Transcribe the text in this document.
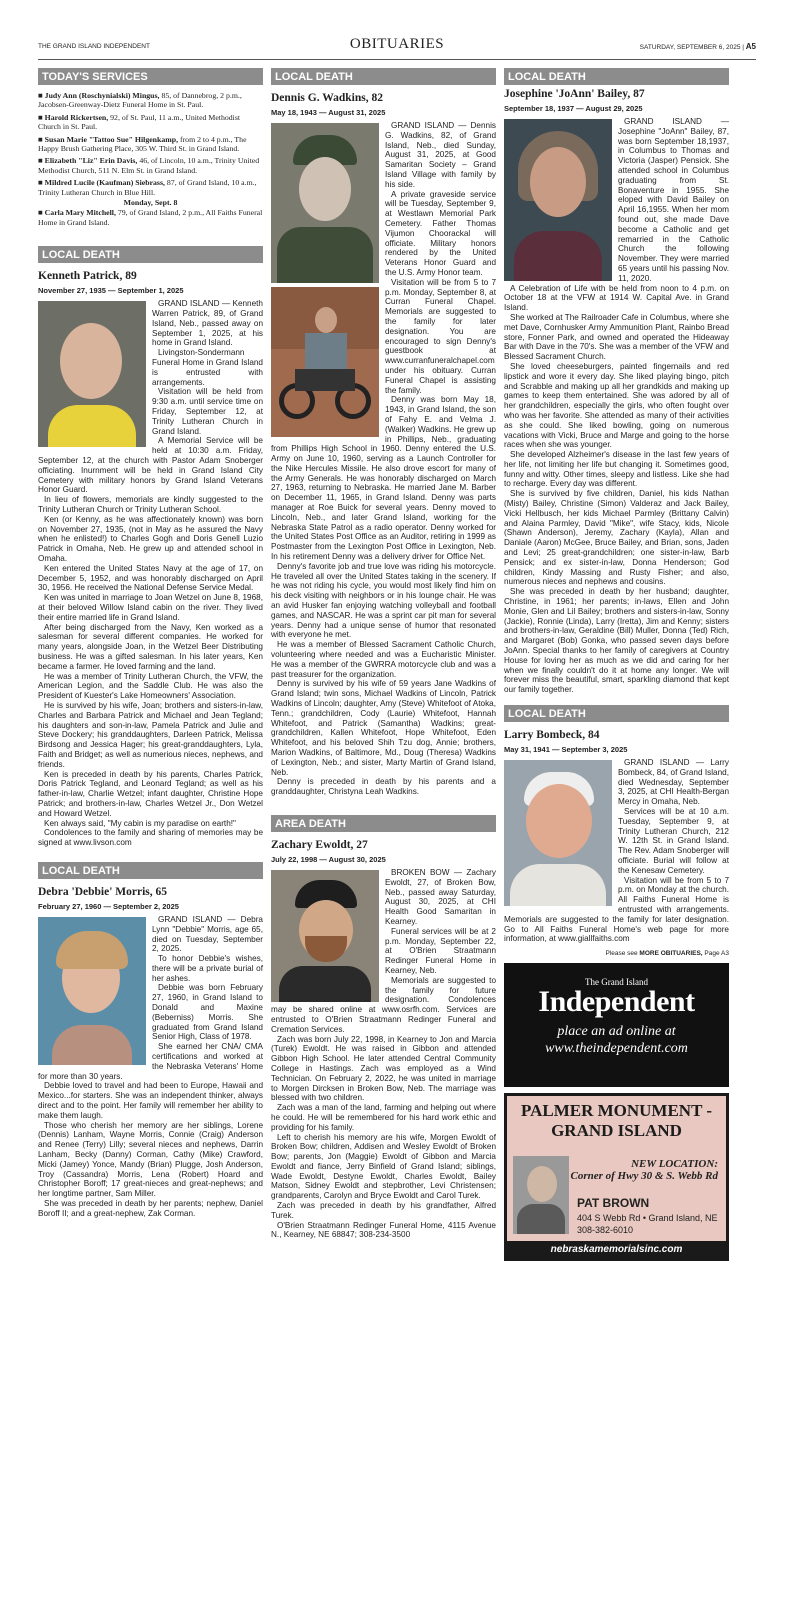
THE GRAND ISLAND INDEPENDENT	OBITUARIES	SATURDAY, SEPTEMBER 6, 2025 | A5
TODAY'S SERVICES

■ Judy Ann (Roschynialski) Mingus, 85, of Dannebrog, 2 p.m., Jacobsen-Greenway-Dietz Funeral Home in St. Paul.

■ Harold Rickertsen, 92, of St. Paul, 11 a.m., United Methodist Church in St. Paul.

■ Susan Marie "Tattoo Sue" Hilgenkamp, from 2 to 4 p.m., The Happy Brush Gathering Place, 305 W. Third St. in Grand Island.

■ Elizabeth "Liz" Erin Davis, 46, of Lincoln, 10 a.m., Trinity United Methodist Church, 511 N. Elm St. in Grand Island.

■ Mildred Lucile (Kaufman) Siebrass, 87, of Grand Island, 10 a.m., Trinity Lutheran Church in Blue Hill.

Monday, Sept. 8

■ Carla Mary Mitchell, 79, of Grand Island, 2 p.m., All Faiths Funeral Home in Grand Island.

LOCAL DEATH
Kenneth Patrick, 89
November 27, 1935 — September 1, 2025

GRAND ISLAND — Kenneth Warren Patrick, 89, of Grand Island, Neb., passed away on September 1, 2025, at his home in Grand Island.

Livingston-Sondermann Funeral Home in Grand Island is entrusted with arrangements.

Visitation will be held from 9:30 a.m. until service time on Friday, September 12, at Trinity Lutheran Church in Grand Island.

A Memorial Service will be held at 10:30 a.m. Friday, September 12, at the church with Pastor Adam Snoberger officiating. Inurnment will be held in Grand Island City Cemetery with military honors by Grand Island Veterans Honor Guard.

In lieu of flowers, memorials are kindly suggested to the Trinity Lutheran Church or Trinity Lutheran School.

Ken (or Kenny, as he was affectionately known) was born on November 27, 1935, (not in May as he assured the Navy when he enlisted!) to Charles Gogh and Doris Genell Luzio Patrick in Omaha, Neb. He grew up and attended school in Omaha.

Ken entered the United States Navy at the age of 17, on December 5, 1952, and was honorably discharged on April 30, 1956. He received the National Defense Service Medal.

Ken was united in marriage to Joan Wetzel on June 8, 1968, at their beloved Willow Island cabin on the river. They lived their entire married life in Grand Island.

After being discharged from the Navy, Ken worked as a salesman for several different companies. He worked for many years, alongside Joan, in the Wetzel Beer Distributing business. He was a gifted salesman. In his later years, Ken became a farmer. He loved farming and the land.

He was a member of Trinity Lutheran Church, the VFW, the American Legion, and the Saddle Club. He was also the President of Kuester's Lake Homeowners' Association.

He is survived by his wife, Joan; brothers and sisters-in-law, Charles and Barbara Patrick and Michael and Jean Tegland; his daughters and son-in-law, Pamela Patrick and Julie and Steve Dockery; his granddaughters, Darleen Patrick, Melissa Birdsong and Jessica Hager; his great-granddaughters, Lyla, Faith and Bridget; as well as numerious nieces, nephews, and friends.

Ken is preceded in death by his parents, Charles Patrick, Doris Patrick Tegland, and Leonard Tegland; as well as his father-in-law, Charlie Wetzel; infant daughter, Christine Hope Patrick; and brothers-in-law, Charles Wetzel Jr., Don Wetzel and Howard Wetzel.

Ken always said, "My cabin is my paradise on earth!"

Condolences to the family and sharing of memories may be signed at www.livson.com

LOCAL DEATH
Debra 'Debbie' Morris, 65
February 27, 1960 — September 2, 2025

GRAND ISLAND — Debra Lynn "Debbie" Morris, age 65, died on Tuesday, September 2, 2025.

To honor Debbie's wishes, there will be a private burial of her ashes.

Debbie was born February 27, 1960, in Grand Island to Donald and Maxine (Beberniss) Morris. She graduated from Grand Island Senior High, Class of 1978.

She earned her CNA/ CMA certifications and worked at the Nebraska Veterans' Home for more than 30 years.

Debbie loved to travel and had been to Europe, Hawaii and Mexico...for starters. She was an independent thinker, always direct and to the point. Her family will remember her ability to make them laugh.

Those who cherish her memory are her siblings, Lorene (Dennis) Lanham, Wayne Morris, Connie (Craig) Anderson and Renee (Terry) Lilly; several nieces and nephews, Darrin Lanham, Becky (Danny) Corman, Cathy (Mike) Crawford, Micki (Jamey) Yonce, Mandy (Brian) Plugge, Josh Anderson, Troy (Cassandra) Morris, Lena (Robert) Hoard and Christopher Boroff; 17 great-nieces and great-nephews; and her longtime partner, Sam Miller.

She was preceded in death by her parents; nephew, Daniel Boroff II; and a great-nephew, Zak Corman.

LOCAL DEATH
Dennis G. Wadkins, 82
May 18, 1943 — August 31, 2025

GRAND ISLAND — Dennis G. Wadkins, 82, of Grand Island, Neb., died Sunday, August 31, 2025, at Good Samaritan Society – Grand Island Village with family by his side.

A private graveside service will be Tuesday, September 9, at Westlawn Memorial Park Cemetery. Father Thomas Vijumon Choorackal will officiate. Military honors rendered by the United Veterans Honor Guard and the U.S. Army Honor team.

Visitation will be from 5 to 7 p.m. Monday, September 8, at Curran Funeral Chapel. Memorials are suggested to the family for later designation. You are encouraged to sign Denny's guestbook at www.curranfuneralchapel.com under his obituary. Curran Funeral Chapel is assisting the family.

Denny was born May 18, 1943, in Grand Island, the son of Fahy E. and Velma J. (Walker) Wadkins. He grew up in Phillips, Neb., graduating from Phillips High School in 1960. Denny entered the U.S. Army on June 10, 1960, serving as a Launch Controller for the Nike Hercules Missile. He also drove escort for many of the Army Generals. He was honorably discharged on March 27, 1963, returning to Nebraska. He married Jane M. Barber on December 11, 1965, in Grand Island. Denny was parts manager at Roe Buick for several years. Denny moved to Lincoln, Neb., and later Grand Island, working for the Nebraska State Patrol as a radio operator. Denny worked for the United States Post Office as an Auditor, retiring in 1999 as Postmaster from the Lexington Post Office in Lexington, Neb. In his retirement Denny was a delivery driver for Office Net.

Denny's favorite job and true love was riding his motorcycle. He traveled all over the United States taking in the scenery. If he was not riding his cycle, you would most likely find him on his deck visiting with neighbors or in his lounge chair. He was an avid Husker fan enjoying watching volleyball and football games, and NASCAR. He was a sprint car pit man for several years. Denny had a unique sense of humor that resonated with everyone he met.

He was a member of Blessed Sacrament Catholic Church, volunteering where needed and was a Eucharistic Minister. He was a member of the GWRRA motorcycle club and was a past treasurer for the organization.

Denny is survived by his wife of 59 years Jane Wadkins of Grand Island; twin sons, Michael Wadkins of Lincoln, Patrick Wadkins of Lincoln; daughter, Amy (Steve) Whitefoot of Atoka, Tenn.; grandchildren, Cody (Laurie) Whitefoot, Hannah Whitefoot, and Patrick (Samantha) Wadkins; great-grandchildren, Kallen Whitefoot, Hope Whitefoot, Eden Whitefoot, and his beloved Shih Tzu dog, Annie; brothers, Marion Wadkins, of Baltimore, Md., Doug (Theresa) Wadkins of Lexington, Neb.; and sister, Marty Martin of Grand Island, Neb.

Denny is preceded in death by his parents and a granddaughter, Christyna Leah Wadkins.

AREA DEATH
Zachary Ewoldt, 27
July 22, 1998 — August 30, 2025

BROKEN BOW — Zachary Ewoldt, 27, of Broken Bow, Neb., passed away Saturday, August 30, 2025, at CHI Health Good Samaritan in Kearney.

Funeral services will be at 2 p.m. Monday, September 22, at O'Brien Straatmann Redinger Funeral Home in Kearney, Neb.

Memorials are suggested to the family for future designation. Condolences may be shared online at www.osrfh.com. Services are entrusted to O'Brien Straatmann Redinger Funeral and Cremation Services.

Zach was born July 22, 1998, in Kearney to Jon and Marcia (Turek) Ewoldt. He was raised in Gibbon and attended Gibbon High School. He later attended Central Community College in Hastings. Zach was employed as a Wind Technician. On February 2, 2022, he was united in marriage to Morgen Dircksen in Broken Bow, Neb. The marriage was blessed with two children.

Zach was a man of the land, farming and helping out where he could. He will be remembered for his hard work ethic and providing for his family.

Left to cherish his memory are his wife, Morgen Ewoldt of Broken Bow; children, Addisen and Wesley Ewoldt of Broken Bow; parents, Jon (Maggie) Ewoldt of Gibbon and Marcia Ewoldt and fiance, Jerry Binfield of Grand Island; siblings, Wade Ewoldt, Destyne Ewoldt, Charles Ewoldt, Bailey Matson, Sidney Ewoldt and stepbrother, Levi Christensen; grandparents, Carolyn and Bryce Ewoldt and Carol Turek.

Zach was preceded in death by his grandfather, Alfred Turek.

O'Brien Straatmann Redinger Funeral Home, 4115 Avenue N., Kearney, NE 68847; 308-234-3500

LOCAL DEATH
Josephine 'JoAnn' Bailey, 87
September 18, 1937 — August 29, 2025

GRAND ISLAND — Josephine "JoAnn" Bailey, 87, was born September 18,1937, in Columbus to Thomas and Victoria (Jasper) Pensick. She attended school in Columbus graduating from St. Bonaventure in 1955. She eloped with David Bailey on April 16,1955. When her mom found out, she made Dave become a Catholic and get remarried in the Catholic Church the following November. They were married 65 years until his passing Nov. 11, 2020.

A Celebration of Life with be held from noon to 4 p.m. on October 18 at the VFW at 1914 W. Capital Ave. in Grand Island.

She worked at The Railroader Cafe in Columbus, where she met Dave, Cornhusker Army Ammunition Plant, Rainbo Bread store, Fonner Park, and owned and operated the Hideaway Bar with Dave in the 70's. She was a member of the VFW and Blessed Sacrament Church.

She loved cheeseburgers, painted fingernails and red lipstick and wore it every day. She liked playing bingo, pitch and Scrabble and making up all her grandkids and making up games to keep them entertained. She was adored by all of her grandchildren, especially the girls, who often fought over who was her favorite. She attended as many of their activities as she could. She liked bowling, going on numerous vacations with Vicki, Bruce and Marge and going to the horse races when she was younger.

She developed Alzheimer's disease in the last few years of her life, not limiting her life but changing it. Sometimes good, funny and witty. Other times, sleepy and listless. Like she had to recharge. Every day was different.

She is survived by five children, Daniel, his kids Nathan (Misty) Bailey, Christine (Simon) Valderaz and Jack Bailey, Vicki Hellbusch, her kids Michael Parmley (Brittany Calvin) and Alaina Parmley, David "Mike", wife Stacy, kids, Nicole (Shawn Anderson), Jeremy, Zachary (Kayla), Allan and Daniale (Aaron) McGee, Bruce Bailey, and Brian, sons, Jaden and Levi; 25 great-grandchildren; one sister-in-law, Barb Pensick; and ex sister-in-law, Donna Henderson; God children, Kindy Massing and Rusty Fisher; and also, numerous nieces and nephews and cousins.

She was preceded in death by her husband; daughter, Christine, in 1961; her parents; in-laws, Ellen and John Monie, Glen and Lil Bailey; brothers and sisters-in-law, Sonny (Jackie), Ronnie (Linda), Larry (Iretta), Jim and Kenny; sisters and brothers-in-law, Geraldine (Bill) Muller, Donna (Ted) Rich, and Margaret (Bob) Gonka, who passed seven days before JoAnn. Special thanks to her family of caregivers at Country House for loving her as much as we did and caring for her when we finally couldn't do it at home any longer. We will forever miss the beautiful, smart, sparkling diamond that kept our family together.

LOCAL DEATH
Larry Bombeck, 84
May 31, 1941 — September 3, 2025

GRAND ISLAND — Larry Bombeck, 84, of Grand Island, died Wednesday, September 3, 2025, at CHI Health-Bergan Mercy in Omaha, Neb.

Services will be at 10 a.m. Tuesday, September 9, at Trinity Lutheran Church, 212 W. 12th St. in Grand Island. The Rev. Adam Snoberger will officiate. Burial will follow at the Kenesaw Cemetery.

Visitation will be from 5 to 7 p.m. on Monday at the church. All Faiths Funeral Home is entrusted with arrangements. Memorials are suggested to the family for later designation. Go to All Faiths Funeral Home's web page for more information, at www.giallfaiths.com

Please see MORE OBITUARIES, Page A3
The Grand Island
Independent
place an ad online at
www.theindependent.com
PALMER MONUMENT -
GRAND ISLAND
NEW LOCATION:
Corner of Hwy 30 & S. Webb Rd
PAT BROWN
404 S Webb Rd • Grand Island, NE
308-382-6010
nebraskamemorialsinc.com
